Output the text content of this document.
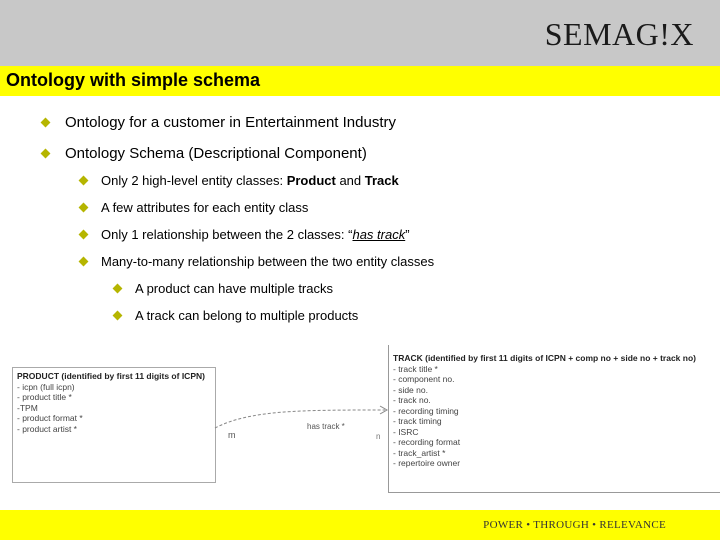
SEMAG!X
Ontology with simple schema
Ontology for a customer in Entertainment Industry
Ontology Schema (Descriptional Component)
Only 2 high-level entity classes: Product and Track
A few attributes for each entity class
Only 1 relationship between the 2 classes: “has track”
Many-to-many relationship between the two entity classes
A product can have multiple tracks
A track can belong to multiple products
PRODUCT (identified by first 11 digits of ICPN)
- icpn (full icpn)
- product title *
-TPM
- product format *
- product artist *
TRACK (identified by first 11 digits of ICPN + comp no + side no + track no)
- track title *
- component no.
- side no.
- track no.
- recording timing
- track timing
- ISRC
- recording format
- track_artist *
- repertoire owner
has track *
m	n
POWER • THROUGH • RELEVANCE
